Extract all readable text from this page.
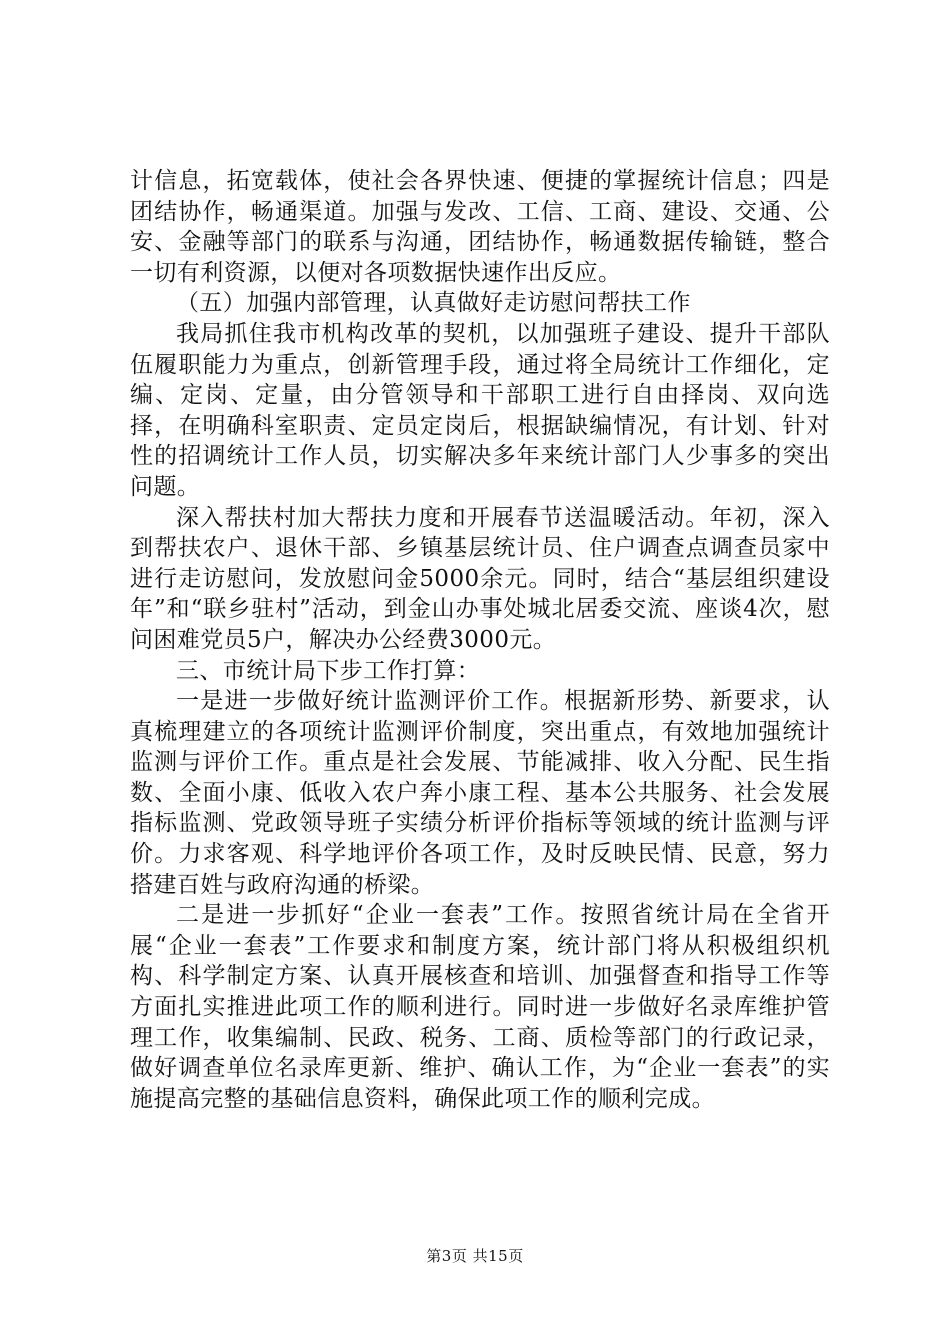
计信息，拓宽载体，使社会各界快速、便捷的掌握统计信息；四是团结协作，畅通渠道。加强与发改、工信、工商、建设、交通、公安、金融等部门的联系与沟通，团结协作，畅通数据传输链，整合一切有利资源，以便对各项数据快速作出反应。

（五）加强内部管理，认真做好走访慰问帮扶工作

我局抓住我市机构改革的契机，以加强班子建设、提升干部队伍履职能力为重点，创新管理手段，通过将全局统计工作细化，定编、定岗、定量，由分管领导和干部职工进行自由择岗、双向选择，在明确科室职责、定员定岗后，根据缺编情况，有计划、针对性的招调统计工作人员，切实解决多年来统计部门人少事多的突出问题。

深入帮扶村加大帮扶力度和开展春节送温暖活动。年初，深入到帮扶农户、退休干部、乡镇基层统计员、住户调查点调查员家中进行走访慰问，发放慰问金5000余元。同时，结合“基层组织建设年”和“联乡驻村”活动，到金山办事处城北居委交流、座谈4次，慰问困难党员5户，解决办公经费3000元。

三、市统计局下步工作打算：

一是进一步做好统计监测评价工作。根据新形势、新要求，认真梳理建立的各项统计监测评价制度，突出重点，有效地加强统计监测与评价工作。重点是社会发展、节能减排、收入分配、民生指数、全面小康、低收入农户奔小康工程、基本公共服务、社会发展指标监测、党政领导班子实绩分析评价指标等领域的统计监测与评价。力求客观、科学地评价各项工作，及时反映民情、民意，努力搭建百姓与政府沟通的桥梁。

二是进一步抓好“企业一套表”工作。按照省统计局在全省开展“企业一套表”工作要求和制度方案，统计部门将从积极组织机构、科学制定方案、认真开展核查和培训、加强督查和指导工作等方面扎实推进此项工作的顺利进行。同时进一步做好名录库维护管理工作，收集编制、民政、税务、工商、质检等部门的行政记录，做好调查单位名录库更新、维护、确认工作，为“企业一套表”的实施提高完整的基础信息资料，确保此项工作的顺利完成。

第3页 共15页
